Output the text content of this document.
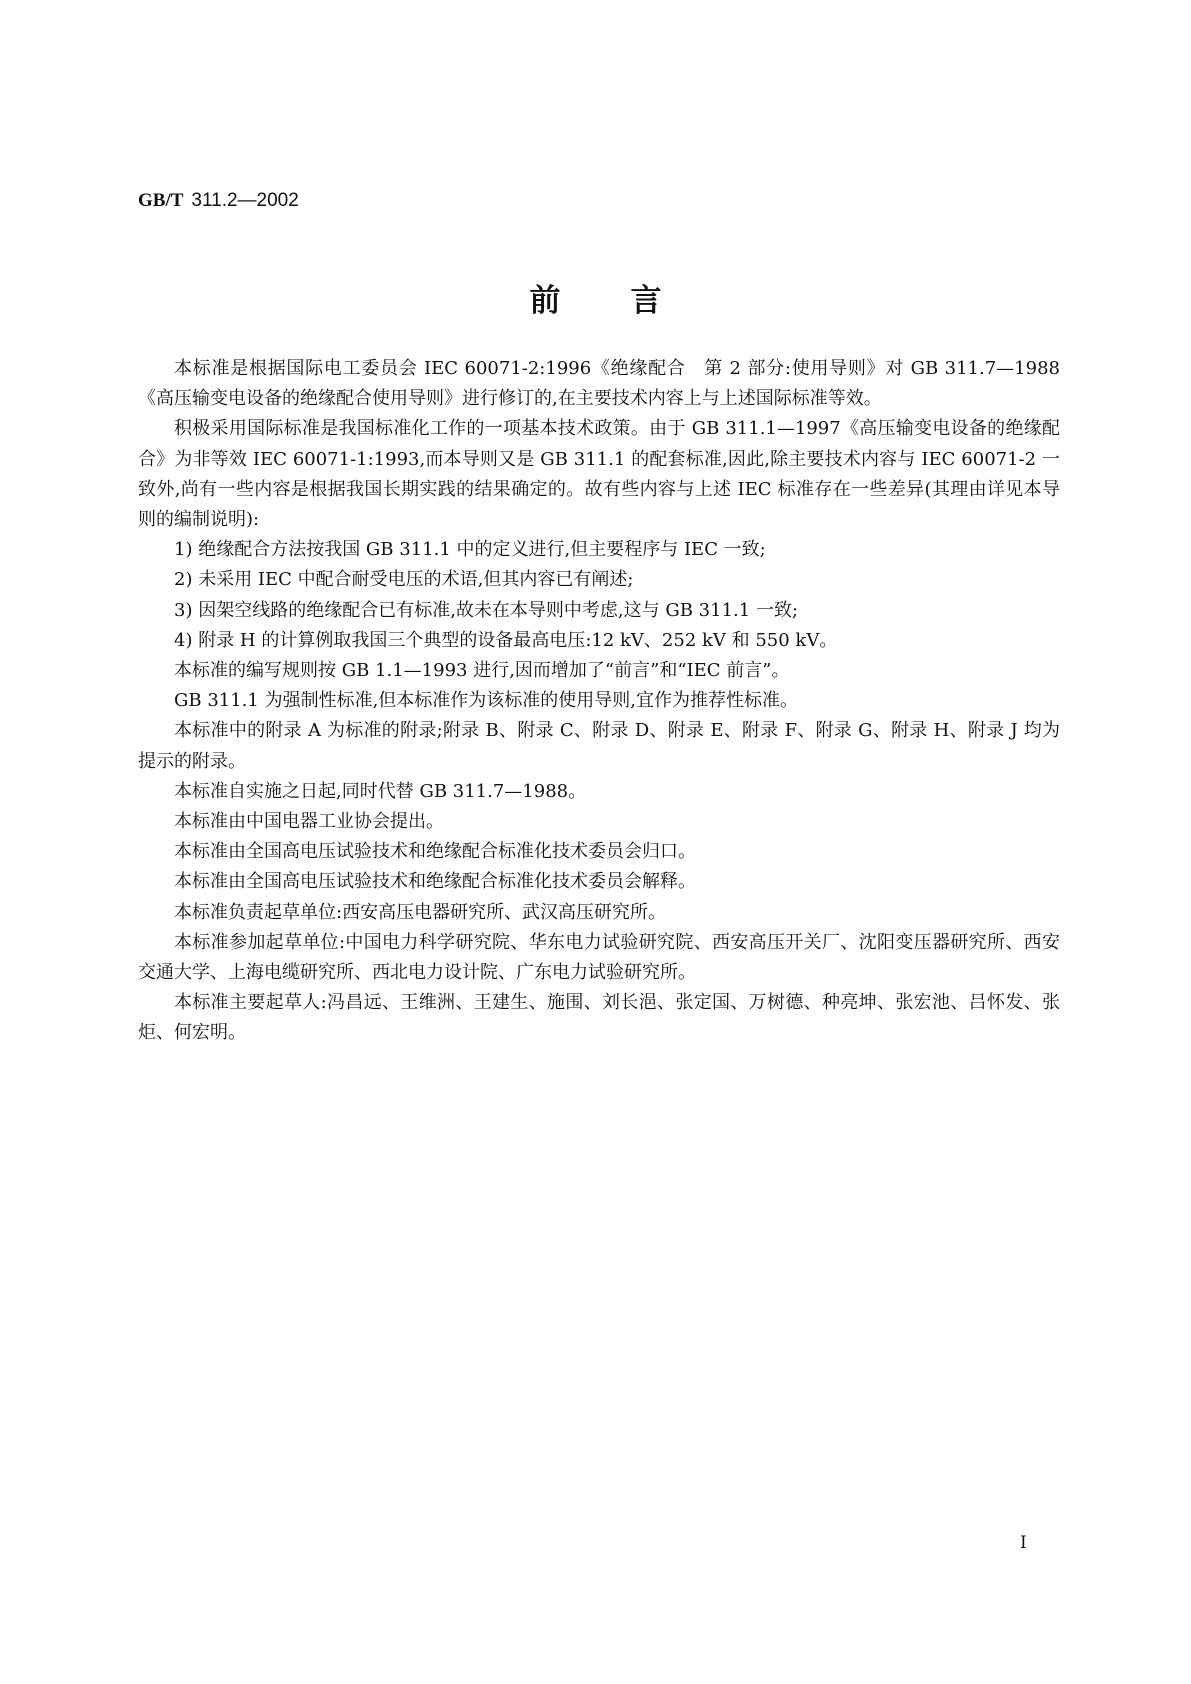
GB/T 311.2—2002
前 言

本标准是根据国际电工委员会 IEC 60071-2:1996《绝缘配合　第 2 部分:使用导则》对 GB 311.7—1988《高压输变电设备的绝缘配合使用导则》进行修订的,在主要技术内容上与上述国际标准等效。

积极采用国际标准是我国标准化工作的一项基本技术政策。由于 GB 311.1—1997《高压输变电设备的绝缘配合》为非等效 IEC 60071-1:1993,而本导则又是 GB 311.1 的配套标准,因此,除主要技术内容与 IEC 60071-2 一致外,尚有一些内容是根据我国长期实践的结果确定的。故有些内容与上述 IEC 标准存在一些差异(其理由详见本导则的编制说明):

1) 绝缘配合方法按我国 GB 311.1 中的定义进行,但主要程序与 IEC 一致;

2) 未采用 IEC 中配合耐受电压的术语,但其内容已有阐述;

3) 因架空线路的绝缘配合已有标准,故未在本导则中考虑,这与 GB 311.1 一致;

4) 附录 H 的计算例取我国三个典型的设备最高电压:12 kV、252 kV 和 550 kV。

本标准的编写规则按 GB 1.1—1993 进行,因而增加了“前言”和“IEC 前言”。

GB 311.1 为强制性标准,但本标准作为该标准的使用导则,宜作为推荐性标准。

本标准中的附录 A 为标准的附录;附录 B、附录 C、附录 D、附录 E、附录 F、附录 G、附录 H、附录 J 均为提示的附录。

本标准自实施之日起,同时代替 GB 311.7—1988。

本标准由中国电器工业协会提出。

本标准由全国高电压试验技术和绝缘配合标准化技术委员会归口。

本标准由全国高电压试验技术和绝缘配合标准化技术委员会解释。

本标准负责起草单位:西安高压电器研究所、武汉高压研究所。

本标准参加起草单位:中国电力科学研究院、华东电力试验研究院、西安高压开关厂、沈阳变压器研究所、西安交通大学、上海电缆研究所、西北电力设计院、广东电力试验研究所。

本标准主要起草人:冯昌远、王维洲、王建生、施围、刘长浥、张定国、万树德、种亮坤、张宏池、吕怀发、张炬、何宏明。

I
